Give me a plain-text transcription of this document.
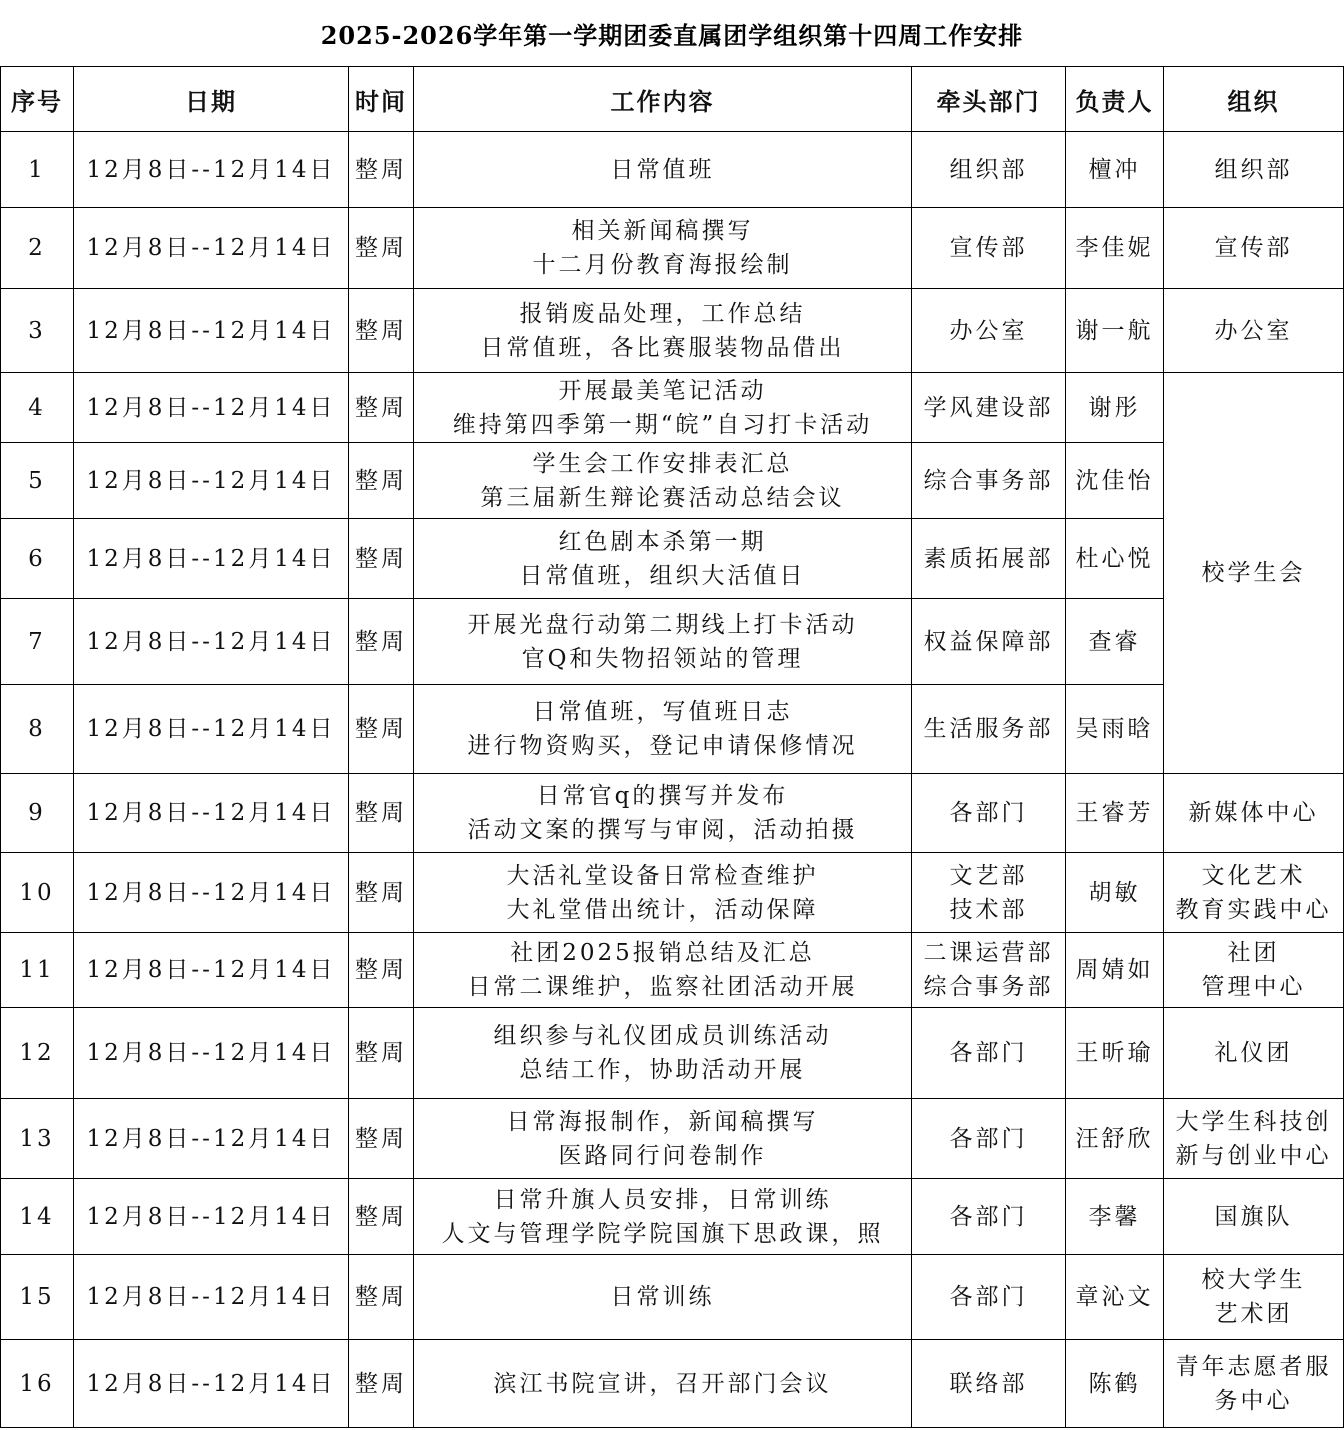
2025-2026学年第一学期团委直属团学组织第十四周工作安排
序号	日期	时间	工作内容	牵头部门	负责人	组织
1	12月8日--12月14日	整周	日常值班	组织部	檀冲	组织部

2	12月8日--12月14日	整周	相关新闻稿撰写
十二月份教育海报绘制	宣传部	李佳妮	宣传部

3	12月8日--12月14日	整周	报销废品处理，工作总结
日常值班，各比赛服装物品借出	办公室	谢一航	办公室

4	12月8日--12月14日	整周	开展最美笔记活动
维持第四季第一期“皖”自习打卡活动	学风建设部	谢彤	校学生会

5	12月8日--12月14日	整周	学生会工作安排表汇总
第三届新生辩论赛活动总结会议	综合事务部	沈佳怡	
6	12月8日--12月14日	整周	红色剧本杀第一期
日常值班，组织大活值日	素质拓展部	杜心悦	
7	12月8日--12月14日	整周	开展光盘行动第二期线上打卡活动
官Q和失物招领站的管理	权益保障部	查睿	
8	12月8日--12月14日	整周	日常值班，写值班日志
进行物资购买，登记申请保修情况	生活服务部	吴雨晗	
9	12月8日--12月14日	整周	日常官q的撰写并发布
活动文案的撰写与审阅，活动拍摄	各部门	王睿芳	新媒体中心

10	12月8日--12月14日	整周	大活礼堂设备日常检查维护
大礼堂借出统计，活动保障	文艺部
技术部	胡敏	文化艺术
教育实践中心

11	12月8日--12月14日	整周	社团2025报销总结及汇总
日常二课维护，监察社团活动开展	二课运营部
综合事务部	周婧如	社团
管理中心

12	12月8日--12月14日	整周	组织参与礼仪团成员训练活动
总结工作，协助活动开展	各部门	王昕瑜	礼仪团

13	12月8日--12月14日	整周	日常海报制作，新闻稿撰写
医路同行问卷制作	各部门	汪舒欣	大学生科技创
新与创业中心

14	12月8日--12月14日	整周	日常升旗人员安排，日常训练
人文与管理学院学院国旗下思政课，照	各部门	李馨	国旗队

15	12月8日--12月14日	整周	日常训练	各部门	章沁文	校大学生
艺术团

16	12月8日--12月14日	整周	滨江书院宣讲，召开部门会议	联络部	陈鹤	青年志愿者服
务中心
